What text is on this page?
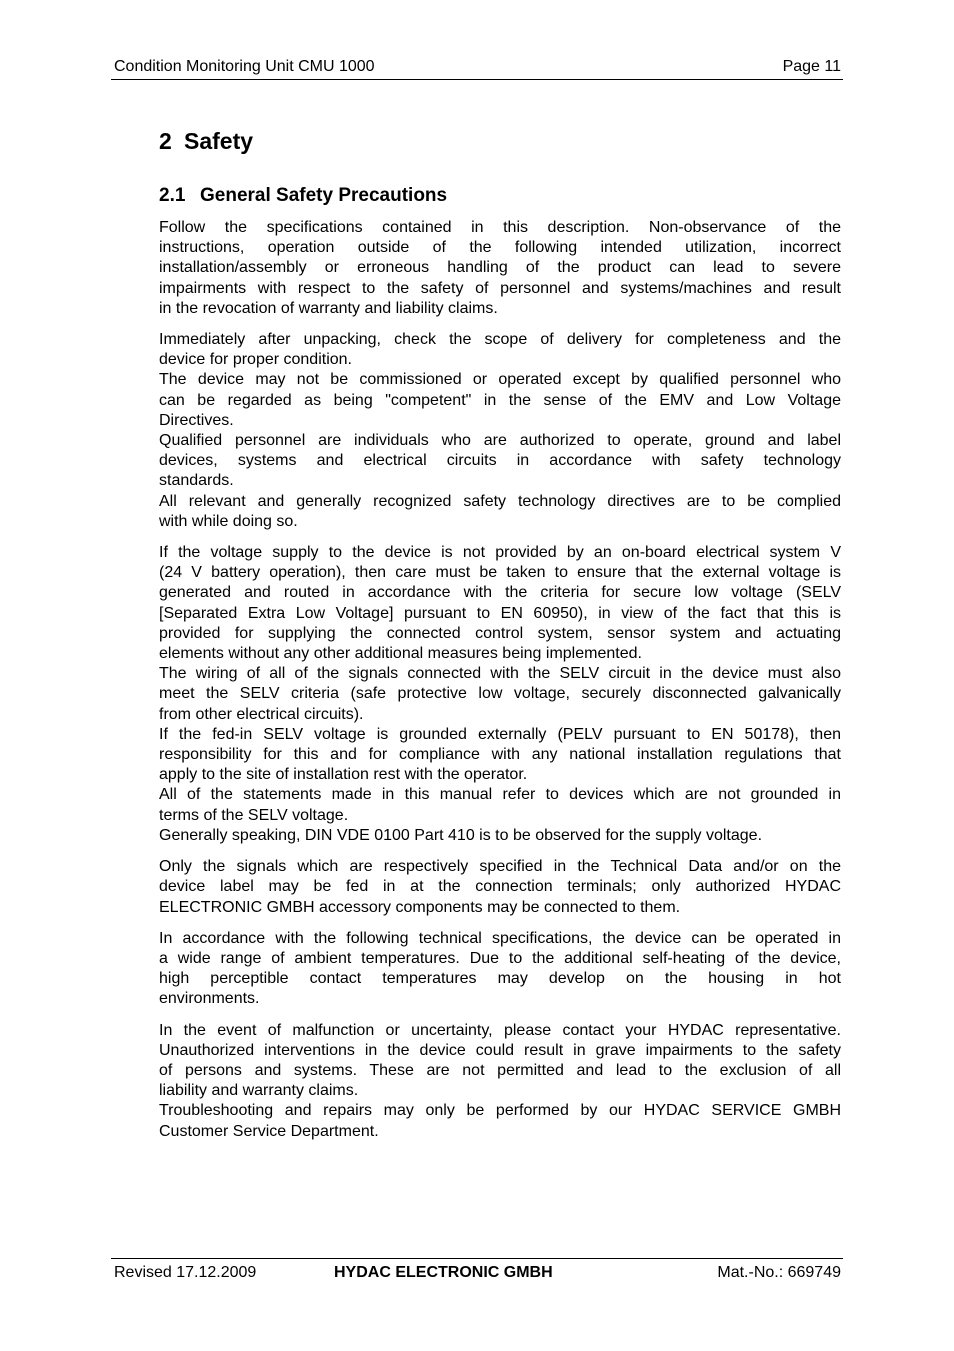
Condition Monitoring Unit CMU 1000	Page 11
2 Safety
2.1 General Safety Precautions

Follow the specifications contained in this description. Non-observance of the
instructions, operation outside of the following intended utilization, incorrect
installation/assembly or erroneous handling of the product can lead to severe
impairments with respect to the safety of personnel and systems/machines and result
in the revocation of warranty and liability claims.

Immediately after unpacking, check the scope of delivery for completeness and the
device for proper condition.
The device may not be commissioned or operated except by qualified personnel who
can be regarded as being "competent" in the sense of the EMV and Low Voltage
Directives.
Qualified personnel are individuals who are authorized to operate, ground and label
devices, systems and electrical circuits in accordance with safety technology
standards.
All relevant and generally recognized safety technology directives are to be complied
with while doing so.

If the voltage supply to the device is not provided by an on-board electrical system V
(24 V battery operation), then care must be taken to ensure that the external voltage is
generated and routed in accordance with the criteria for secure low voltage (SELV
[Separated Extra Low Voltage] pursuant to EN 60950), in view of the fact that this is
provided for supplying the connected control system, sensor system and actuating
elements without any other additional measures being implemented.
The wiring of all of the signals connected with the SELV circuit in the device must also
meet the SELV criteria (safe protective low voltage, securely disconnected galvanically
from other electrical circuits).
If the fed-in SELV voltage is grounded externally (PELV pursuant to EN 50178), then
responsibility for this and for compliance with any national installation regulations that
apply to the site of installation rest with the operator.
All of the statements made in this manual refer to devices which are not grounded in
terms of the SELV voltage.
Generally speaking, DIN VDE 0100 Part 410 is to be observed for the supply voltage.

Only the signals which are respectively specified in the Technical Data and/or on the
device label may be fed in at the connection terminals; only authorized HYDAC
ELECTRONIC GMBH accessory components may be connected to them.

In accordance with the following technical specifications, the device can be operated in
a wide range of ambient temperatures. Due to the additional self-heating of the device,
high perceptible contact temperatures may develop on the housing in hot
environments.

In the event of malfunction or uncertainty, please contact your HYDAC representative.
Unauthorized interventions in the device could result in grave impairments to the safety
of persons and systems. These are not permitted and lead to the exclusion of all
liability and warranty claims.
Troubleshooting and repairs may only be performed by our HYDAC SERVICE GMBH
Customer Service Department.

Revised 17.12.2009	HYDAC ELECTRONIC GMBH	Mat.-No.: 669749
